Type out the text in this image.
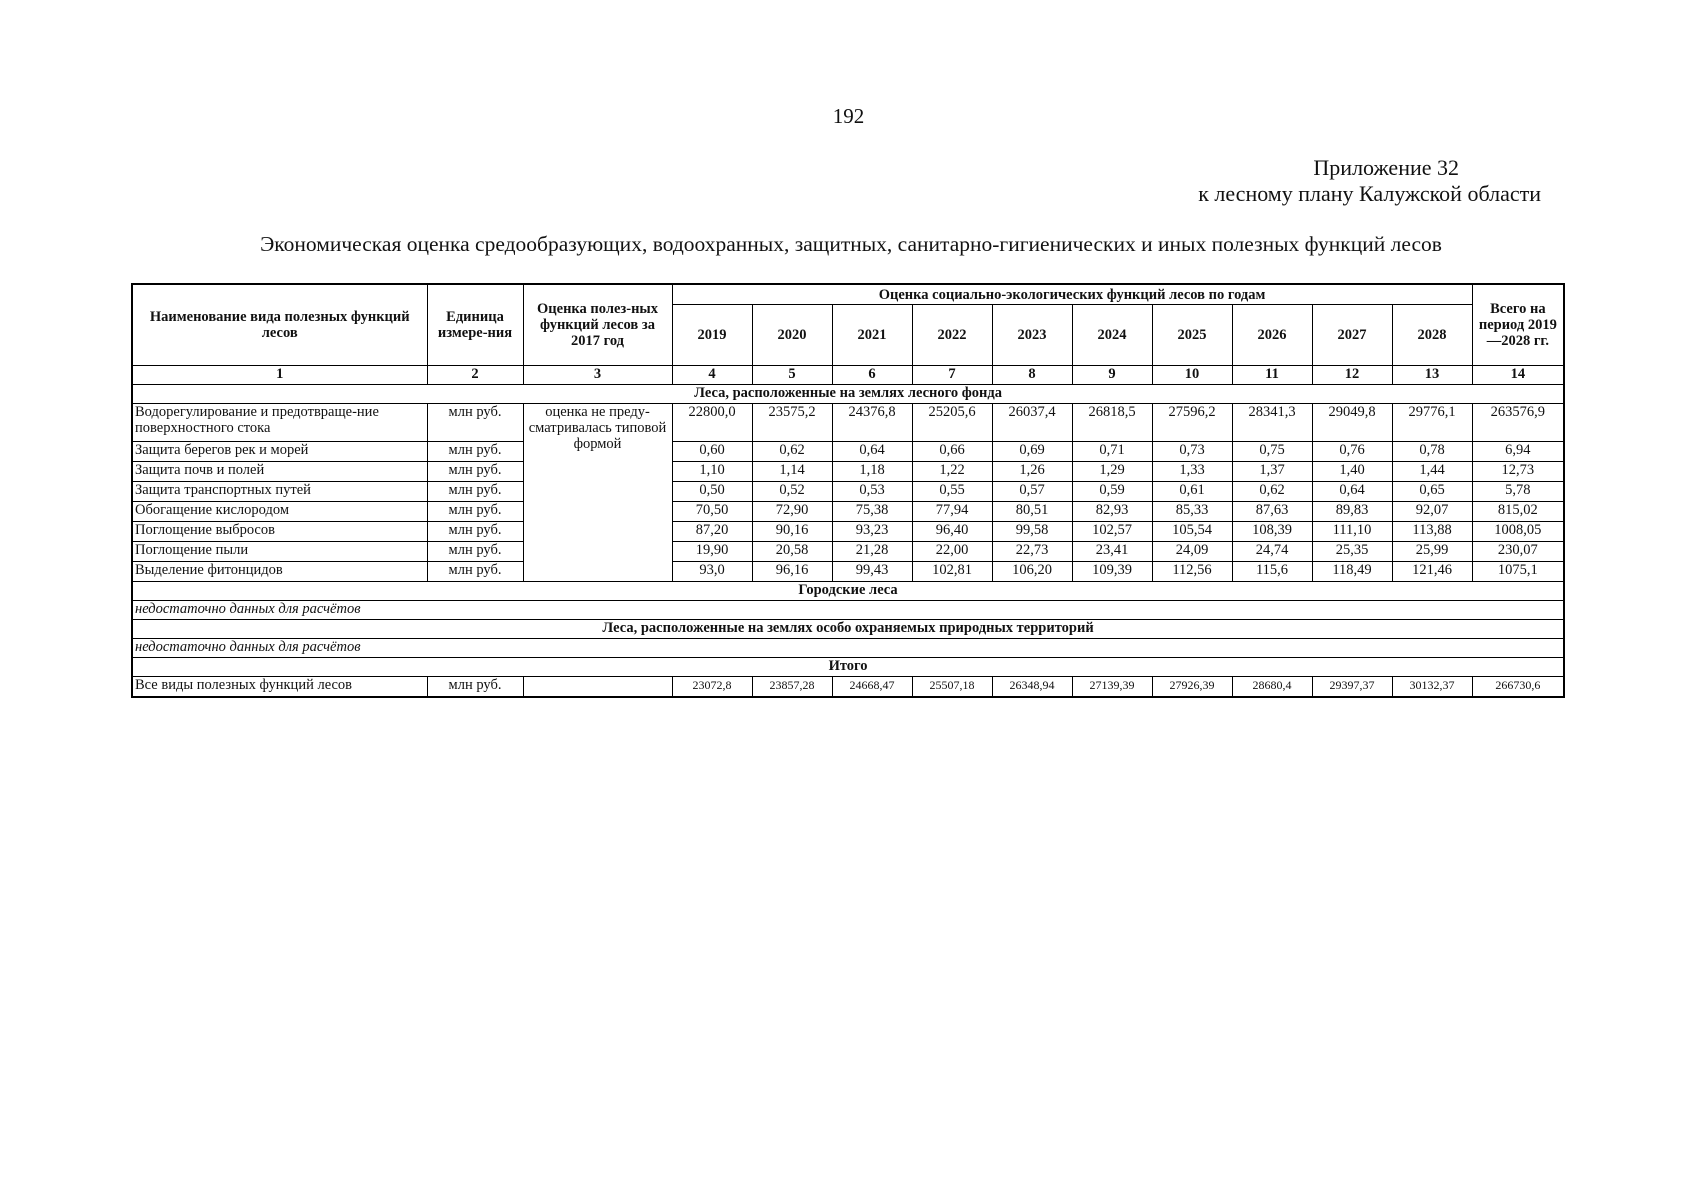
192
Приложение 32
к лесному плану Калужской области
Экономическая оценка средообразующих, водоохранных, защитных, санитарно-гигиенических и иных полезных функций лесов
Наименование вида полезных функций лесов	Единица измере-ния	Оценка полез-ных функций лесов за 2017 год	Оценка социально-экологических функций лесов по годам										Всего на период 2019—2028 гг.
			2019	2020	2021	2022	2023	2024	2025	2026	2027	2028	
1	2	3	4	5	6	7	8	9	10	11	12	13	14
Леса, расположенные на землях лесного фонда													
Водорегулирование и предотвраще-ние поверхностного стока	млн руб.	оценка не преду-сматривалась типовой формой	22800,0	23575,2	24376,8	25205,6	26037,4	26818,5	27596,2	28341,3	29049,8	29776,1	263576,9
Защита берегов рек и морей	млн руб.		0,60	0,62	0,64	0,66	0,69	0,71	0,73	0,75	0,76	0,78	6,94
Защита почв и полей	млн руб.		1,10	1,14	1,18	1,22	1,26	1,29	1,33	1,37	1,40	1,44	12,73
Защита транспортных путей	млн руб.		0,50	0,52	0,53	0,55	0,57	0,59	0,61	0,62	0,64	0,65	5,78
Обогащение кислородом	млн руб.		70,50	72,90	75,38	77,94	80,51	82,93	85,33	87,63	89,83	92,07	815,02
Поглощение выбросов	млн руб.		87,20	90,16	93,23	96,40	99,58	102,57	105,54	108,39	111,10	113,88	1008,05
Поглощение пыли	млн руб.		19,90	20,58	21,28	22,00	22,73	23,41	24,09	24,74	25,35	25,99	230,07
Выделение фитонцидов	млн руб.		93,0	96,16	99,43	102,81	106,20	109,39	112,56	115,6	118,49	121,46	1075,1
Городские леса													
недостаточно данных для расчётов													
Леса, расположенные на землях особо охраняемых природных территорий													
недостаточно данных для расчётов													
Итого													
Все виды полезных функций лесов	млн руб.		23072,8	23857,28	24668,47	25507,18	26348,94	27139,39	27926,39	28680,4	29397,37	30132,37	266730,6
